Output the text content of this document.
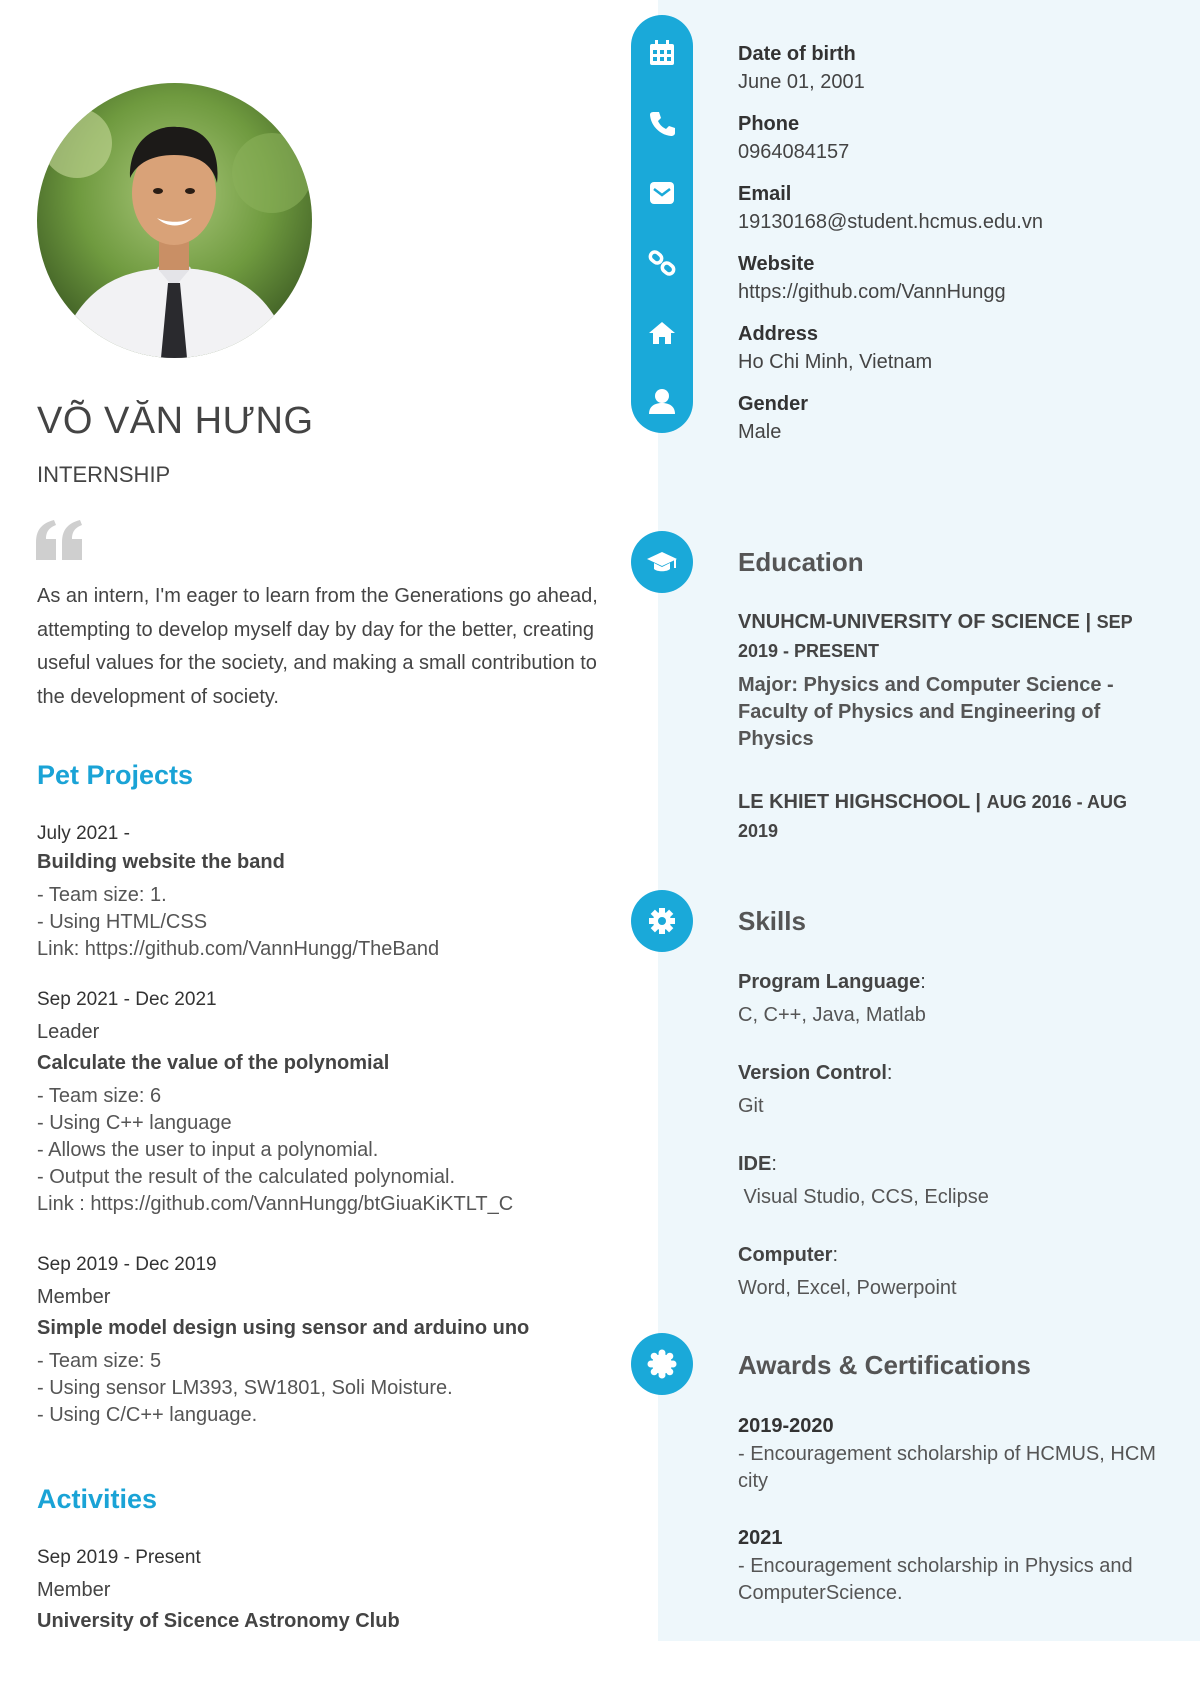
VÕ VĂN HƯNG
INTERNSHIP
As an intern, I'm eager to learn from the Generations go ahead, attempting to develop myself day by day for the better, creating useful values for the society, and making a small contribution to the development of society.
Pet Projects
July 2021 -
Building website the band
- Team size: 1.
- Using HTML/CSS
Link: https://github.com/VannHungg/TheBand
Sep 2021 - Dec 2021
Leader
Calculate the value of the polynomial
- Team size: 6
- Using C++ language
- Allows the user to input a polynomial.
- Output the result of the calculated polynomial.
Link : https://github.com/VannHungg/btGiuaKiKTLT_C
Sep 2019 - Dec 2019
Member
Simple model design using sensor and arduino uno
- Team size: 5
- Using sensor LM393, SW1801, Soli Moisture.
- Using C/C++ language.
Activities
Sep 2019 - Present
Member
University of Sicence Astronomy Club
Date of birth
June 01, 2001
Phone
0964084157
Email
19130168@student.hcmus.edu.vn
Website
https://github.com/VannHungg
Address
Ho Chi Minh, Vietnam
Gender
Male
Education
VNUHCM-UNIVERSITY OF SCIENCE | SEP
2019 - PRESENT
Major: Physics and Computer Science - Faculty of Physics and Engineering of Physics
LE KHIET HIGHSCHOOL | AUG 2016 - AUG
2019
Skills
Program Language:
C, C++, Java, Matlab
Version Control:
Git
IDE:
Visual Studio, CCS, Eclipse
Computer:
Word, Excel, Powerpoint
Awards & Certifications
2019-2020
- Encouragement scholarship of HCMUS, HCM city
2021
- Encouragement scholarship in Physics and ComputerScience.
